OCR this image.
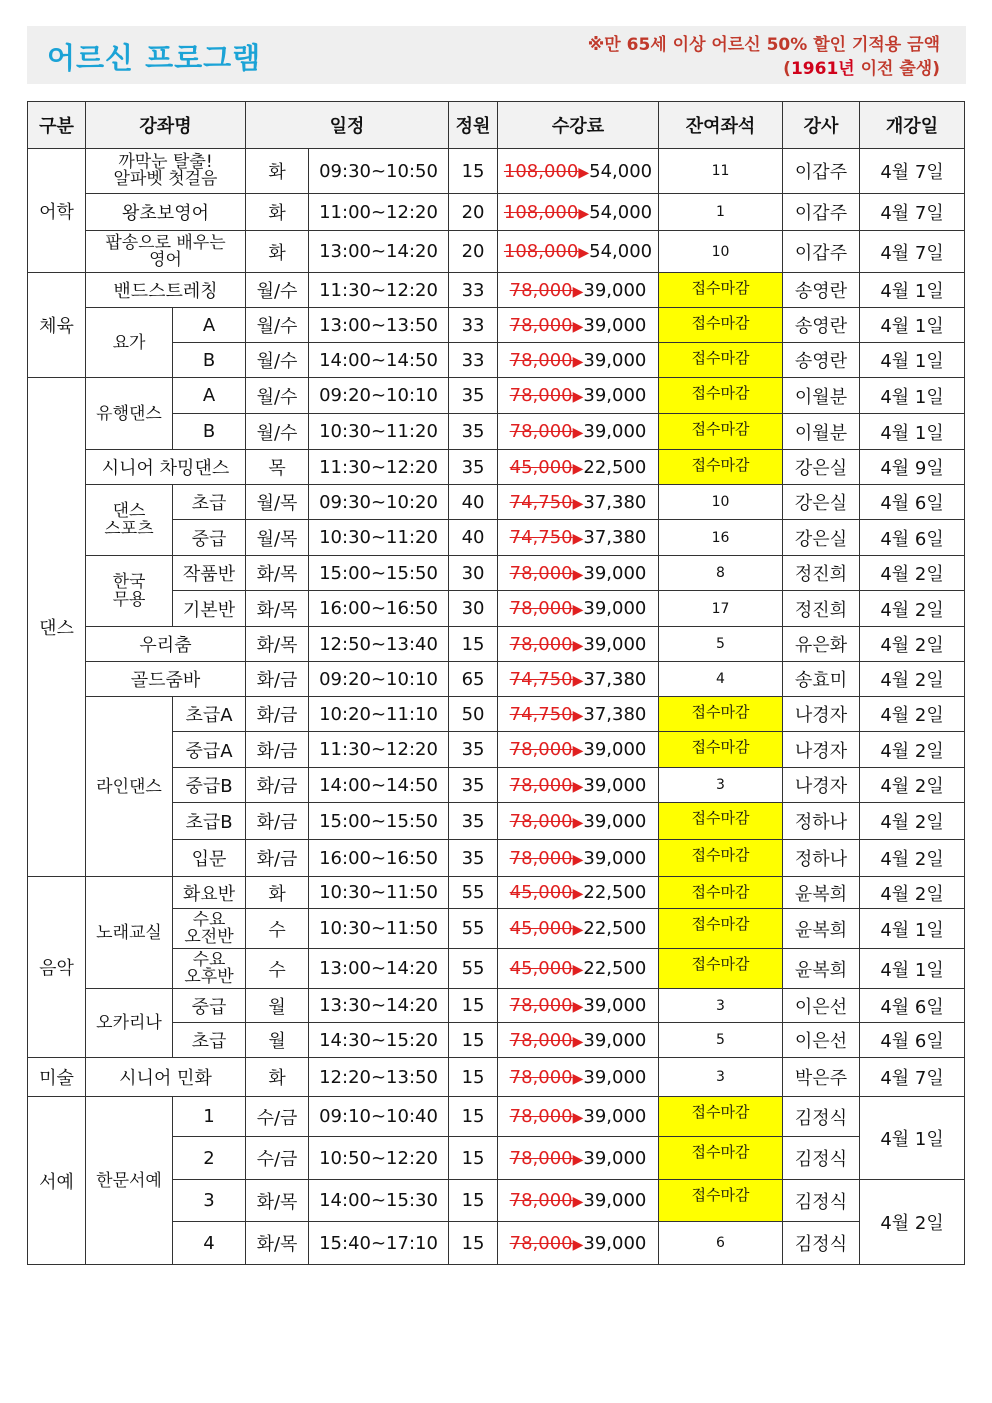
어르신 프로그램	※만 65세 이상 어르신 50% 할인 기적용 금액
(1961년 이전 출생)
구분	강좌명		일정		정원	수강료	잔여좌석	강사	개강일
어학	까막눈 탈출!
알파벳 첫걸음		화	09:30~10:50	15	108,000▶54,000	11	이갑주	4월 7일
	왕초보영어		화	11:00~12:20	20	108,000▶54,000	1	이갑주	4월 7일
	팝송으로 배우는
영어		화	13:00~14:20	20	108,000▶54,000	10	이갑주	4월 7일
체육	밴드스트레칭		월/수	11:30~12:20	33	78,000▶39,000	접수마감	송영란	4월 1일
	요가	A	월/수	13:00~13:50	33	78,000▶39,000	접수마감	송영란	4월 1일
		B	월/수	14:00~14:50	33	78,000▶39,000	접수마감	송영란	4월 1일
댄스	유행댄스	A	월/수	09:20~10:10	35	78,000▶39,000	접수마감	이월분	4월 1일
		B	월/수	10:30~11:20	35	78,000▶39,000	접수마감	이월분	4월 1일
	시니어 차밍댄스		목	11:30~12:20	35	45,000▶22,500	접수마감	강은실	4월 9일
	댄스
스포츠	초급	월/목	09:30~10:20	40	74,750▶37,380	10	강은실	4월 6일
		중급	월/목	10:30~11:20	40	74,750▶37,380	16	강은실	4월 6일
	한국
무용	작품반	화/목	15:00~15:50	30	78,000▶39,000	8	정진희	4월 2일
		기본반	화/목	16:00~16:50	30	78,000▶39,000	17	정진희	4월 2일
	우리춤		화/목	12:50~13:40	15	78,000▶39,000	5	유은화	4월 2일
	골드줌바		화/금	09:20~10:10	65	74,750▶37,380	4	송효미	4월 2일
	라인댄스	초급A	화/금	10:20~11:10	50	74,750▶37,380	접수마감	나경자	4월 2일
		중급A	화/금	11:30~12:20	35	78,000▶39,000	접수마감	나경자	4월 2일
		중급B	화/금	14:00~14:50	35	78,000▶39,000	3	나경자	4월 2일
		초급B	화/금	15:00~15:50	35	78,000▶39,000	접수마감	정하나	4월 2일
		입문	화/금	16:00~16:50	35	78,000▶39,000	접수마감	정하나	4월 2일
음악	노래교실	화요반	화	10:30~11:50	55	45,000▶22,500	접수마감	윤복희	4월 2일
		수요
오전반	수	10:30~11:50	55	45,000▶22,500	접수마감	윤복희	4월 1일
		수요
오후반	수	13:00~14:20	55	45,000▶22,500	접수마감	윤복희	4월 1일
	오카리나	중급	월	13:30~14:20	15	78,000▶39,000	3	이은선	4월 6일
		초급	월	14:30~15:20	15	78,000▶39,000	5	이은선	4월 6일
미술	시니어 민화		화	12:20~13:50	15	78,000▶39,000	3	박은주	4월 7일
서예	한문서예	1	수/금	09:10~10:40	15	78,000▶39,000	접수마감	김정식	4월 1일
		2	수/금	10:50~12:20	15	78,000▶39,000	접수마감	김정식	
		3	화/목	14:00~15:30	15	78,000▶39,000	접수마감	김정식	4월 2일
		4	화/목	15:40~17:10	15	78,000▶39,000	6	김정식	
